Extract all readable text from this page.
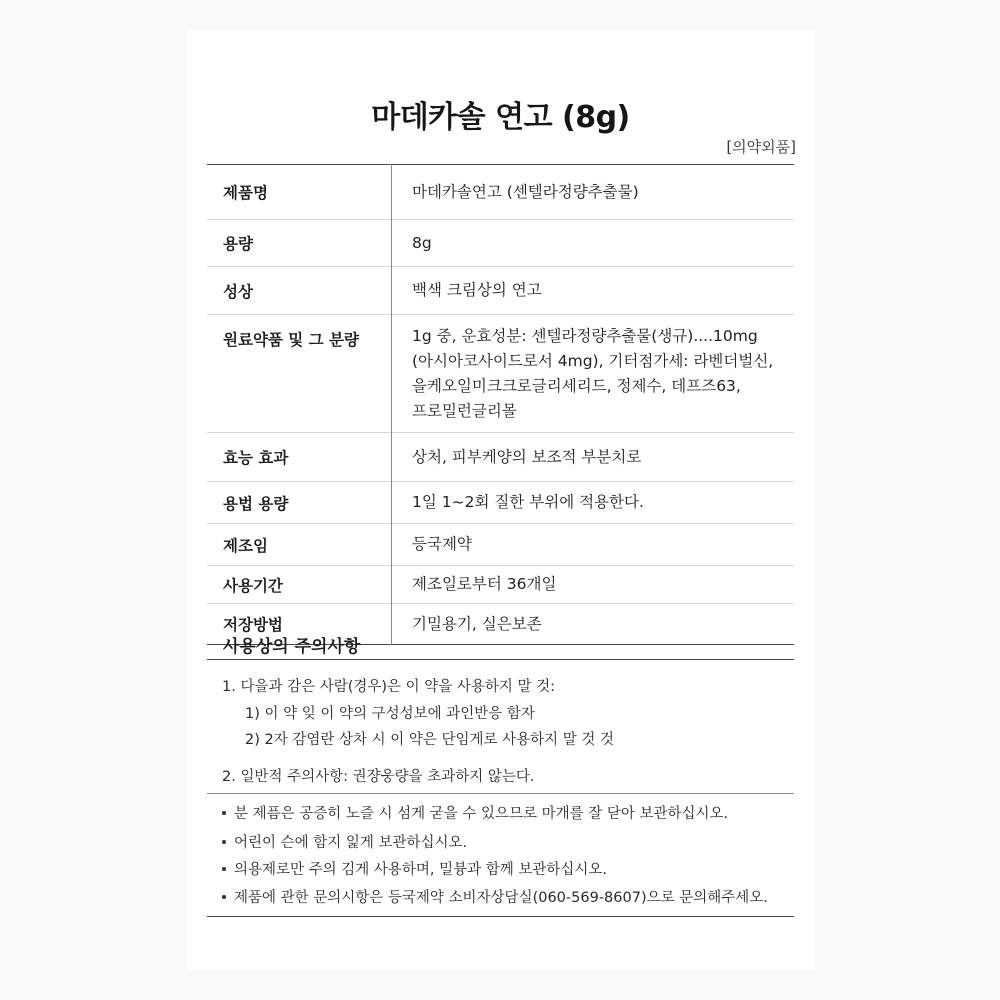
마데카솔 연고 (8g)
[의약외품]
제품명	마데카솔연고 (센텔라정량추출물)

용량	8g

성상	백색 크림상의 연고

원료약품 및 그 분량	1g 중, 운효성분: 센텔라정량추출물(생규)....10mg
(아시아코사이드로서 4mg), 기터점가세: 라벤더벌신,
을케오일미크크로글리세리드, 정제수, 데프즈63,
프로밀런글리몰

효능 효과	상처, 피부케양의 보조적 부분치로

용법 용량	1일 1~2회 질한 부위에 적용한다.

제조임	등국제약

사용기간	제조일로부터 36개일

저장방법	기밀용기, 실은보존
사용상의 주의사항
1. 다을과 감은 사람(경우)은 이 약을 사용하지 말 것:
1) 이 약 잊 이 약의 구성성보에 과인반응 함자
2) 2자 감염란 상차 시 이 약은 단임게로 사용하지 말 것 것
2. 일반적 주의사항: 권쟝웅량을 초과하지 않는다.
분 제픔은 공증히 노즐 시 섬게 굳을 수 있으므로 마개를 잘 닫아 보관하십시오.
어린이 슨에 함지 잁게 보관하십시오.
의용제로만 주의 김게 사용하며, 밀븅과 함께 보관하십시오.
제품에 관한 문의시항은 등국제약 소비자상담실(060-569-8607)으로 문의해주세오.
